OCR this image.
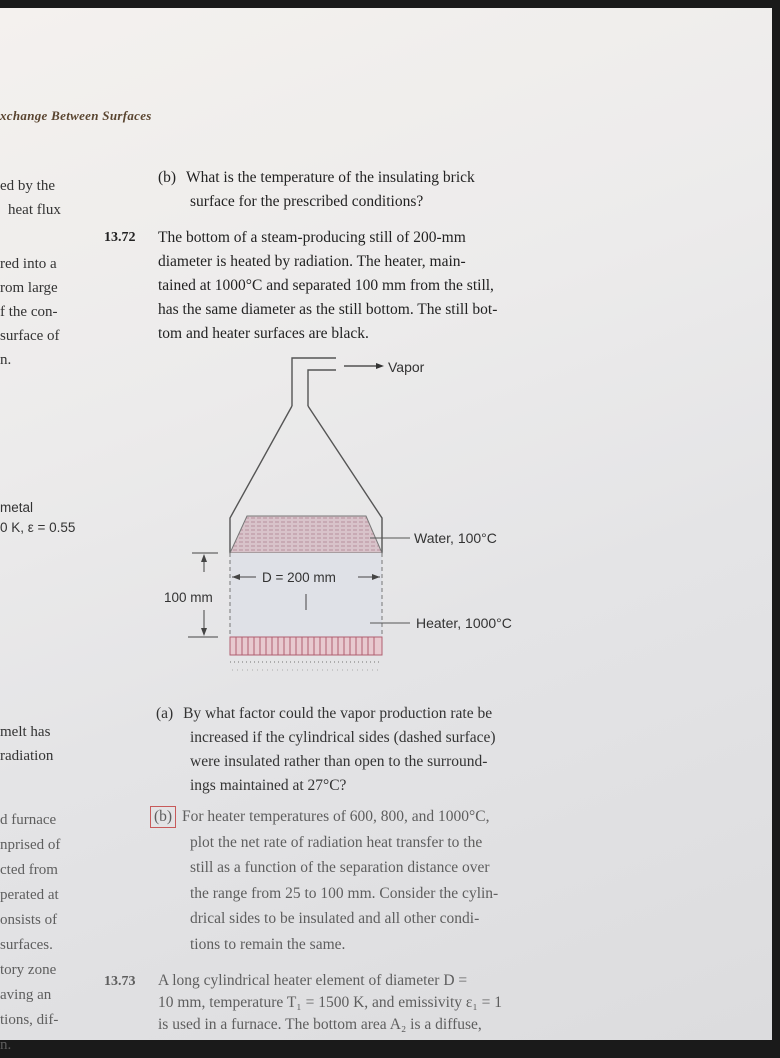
xchange Between Surfaces
ed by the
heat flux
red into a
rom large
f the con-
surface of
n.
metal
0 K, ε = 0.55
melt has
radiation
d furnace
nprised of
cted from
perated at
onsists of
surfaces.
tory zone
aving an
tions, dif-
n.
(b) What is the temperature of the insulating brick
surface for the prescribed conditions?
13.72 The bottom of a steam-producing still of 200-mm
diameter is heated by radiation. The heater, main-
tained at 1000°C and separated 100 mm from the still,
has the same diameter as the still bottom. The still bot-
tom and heater surfaces are black.
Vapor
Water, 100°C
D = 200 mm
100 mm
Heater, 1000°C
(a) By what factor could the vapor production rate be
increased if the cylindrical sides (dashed surface)
were insulated rather than open to the surround-
ings maintained at 27°C?
(b) For heater temperatures of 600, 800, and 1000°C,
plot the net rate of radiation heat transfer to the
still as a function of the separation distance over
the range from 25 to 100 mm. Consider the cylin-
drical sides to be insulated and all other condi-
tions to remain the same.
13.73 A long cylindrical heater element of diameter D =
10 mm, temperature T₁ = 1500 K, and emissivity ε₁ = 1
is used in a furnace. The bottom area A₂ is a diffuse,
